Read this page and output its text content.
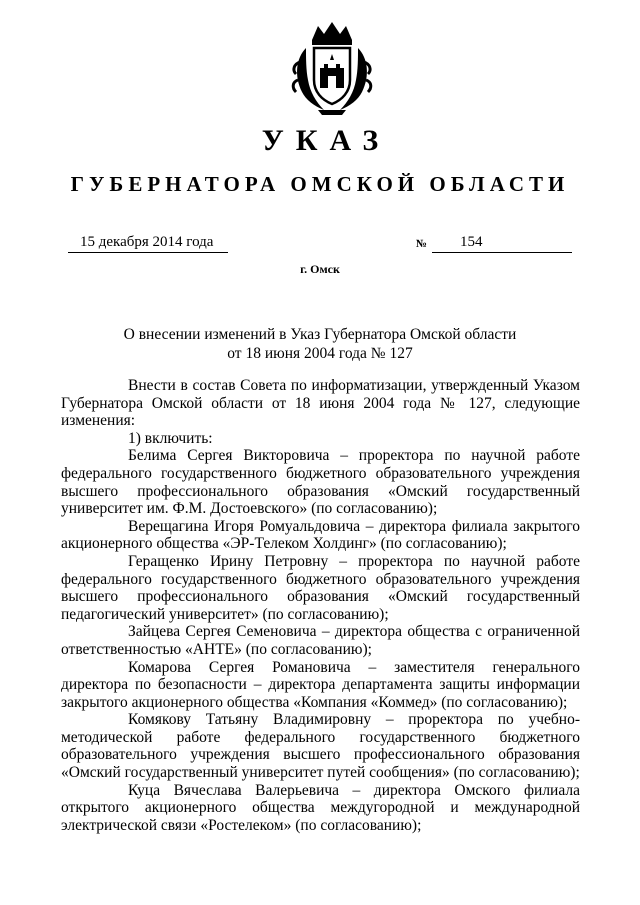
УКАЗ
ГУБЕРНАТОРА ОМСКОЙ ОБЛАСТИ
15 декабря 2014 года	№	154
г. Омск
О внесении изменений в Указ Губернатора Омской области
от 18 июня 2004 года № 127

Внести в состав Совета по информатизации, утвержденный Указом Губернатора Омской области от 18 июня 2004 года № 127, следующие изменения:

1) включить:

Белима Сергея Викторовича – проректора по научной работе федерального государственного бюджетного образовательного учреждения высшего профессионального образования «Омский государственный университет им. Ф.М. Достоевского» (по согласованию);

Верещагина Игоря Ромуальдовича – директора филиала закрытого акционерного общества «ЭР-Телеком Холдинг» (по согласованию);

Геращенко Ирину Петровну – проректора по научной работе федерального государственного бюджетного образовательного учреждения высшего профессионального образования «Омский государственный педагогический университет» (по согласованию);

Зайцева Сергея Семеновича – директора общества с ограниченной ответственностью «АНТЕ» (по согласованию);

Комарова Сергея Романовича – заместителя генерального директора по безопасности – директора департамента защиты информации закрытого акционерного общества «Компания «Коммед» (по согласованию);

Комякову Татьяну Владимировну – проректора по учебно-методической работе федерального государственного бюджетного образовательного учреждения высшего профессионального образования «Омский государственный университет путей сообщения» (по согласованию);

Куца Вячеслава Валерьевича – директора Омского филиала открытого акционерного общества междугородной и международной электрической связи «Ростелеком» (по согласованию);
